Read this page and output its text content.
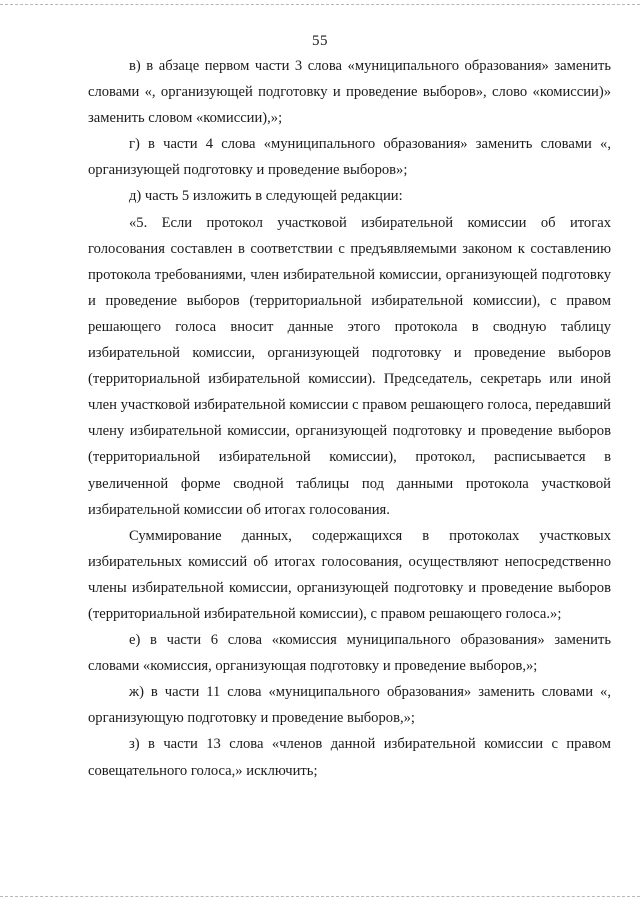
55

в) в абзаце первом части 3 слова «муниципального образования» заменить словами «, организующей подготовку и проведение выборов», слово «комиссии)» заменить словом «комиссии),»;

г) в части 4 слова «муниципального образования» заменить словами «, организующей подготовку и проведение выборов»;

д) часть 5 изложить в следующей редакции:

«5. Если протокол участковой избирательной комиссии об итогах голосования составлен в соответствии с предъявляемыми законом к составлению протокола требованиями, член избирательной комиссии, организующей подготовку и проведение выборов (территориальной избирательной комиссии), с правом решающего голоса вносит данные этого протокола в сводную таблицу избирательной комиссии, организующей подготовку и проведение выборов (территориальной избирательной комиссии). Председатель, секретарь или иной член участковой избирательной комиссии с правом решающего голоса, передавший члену избирательной комиссии, организующей подготовку и проведение выборов (территориальной избирательной комиссии), протокол, расписывается в увеличенной форме сводной таблицы под данными протокола участковой избирательной комиссии об итогах голосования.

Суммирование данных, содержащихся в протоколах участковых избирательных комиссий об итогах голосования, осуществляют непосредственно члены избирательной комиссии, организующей подготовку и проведение выборов (территориальной избирательной комиссии), с правом решающего голоса.»;

е) в части 6 слова «комиссия муниципального образования» заменить словами «комиссия, организующая подготовку и проведение выборов,»;

ж) в части 11 слова «муниципального образования» заменить словами «, организующую подготовку и проведение выборов,»;

з) в части 13 слова «членов данной избирательной комиссии с правом совещательного голоса,» исключить;
